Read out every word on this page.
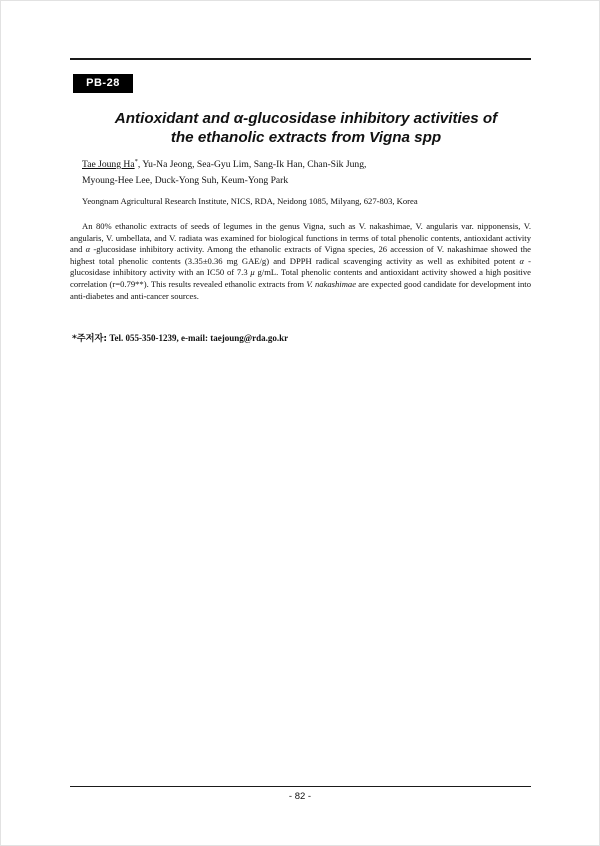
PB-28
Antioxidant and α-glucosidase inhibitory activities of
the ethanolic extracts from Vigna spp
Tae Joung Ha*, Yu-Na Jeong, Sea-Gyu Lim, Sang-Ik Han, Chan-Sik Jung,
Myoung-Hee Lee, Duck-Yong Suh, Keum-Yong Park
Yeongnam Agricultural Research Institute, NICS, RDA, Neidong 1085, Milyang, 627-803, Korea

An 80% ethanolic extracts of seeds of legumes in the genus Vigna, such as V. nakashimae, V. angularis var. nipponensis, V. angularis, V. umbellata, and V. radiata was examined for biological functions in terms of total phenolic contents, antioxidant activity and α -glucosidase inhibitory activity. Among the ethanolic extracts of Vigna species, 26 accession of V. nakashimae showed the highest total phenolic contents (3.35±0.36 mg GAE/g) and DPPH radical scavenging activity as well as exhibited potent α -glucosidase inhibitory activity with an IC50 of 7.3 μ g/mL. Total phenolic contents and antioxidant activity showed a high positive correlation (r=0.79**). This results revealed ethanolic extracts from V. nakashimae are expected good candidate for development into anti-diabetes and anti-cancer sources.

*주저자: Tel. 055-350-1239, e-mail: taejoung@rda.go.kr
- 82 -
